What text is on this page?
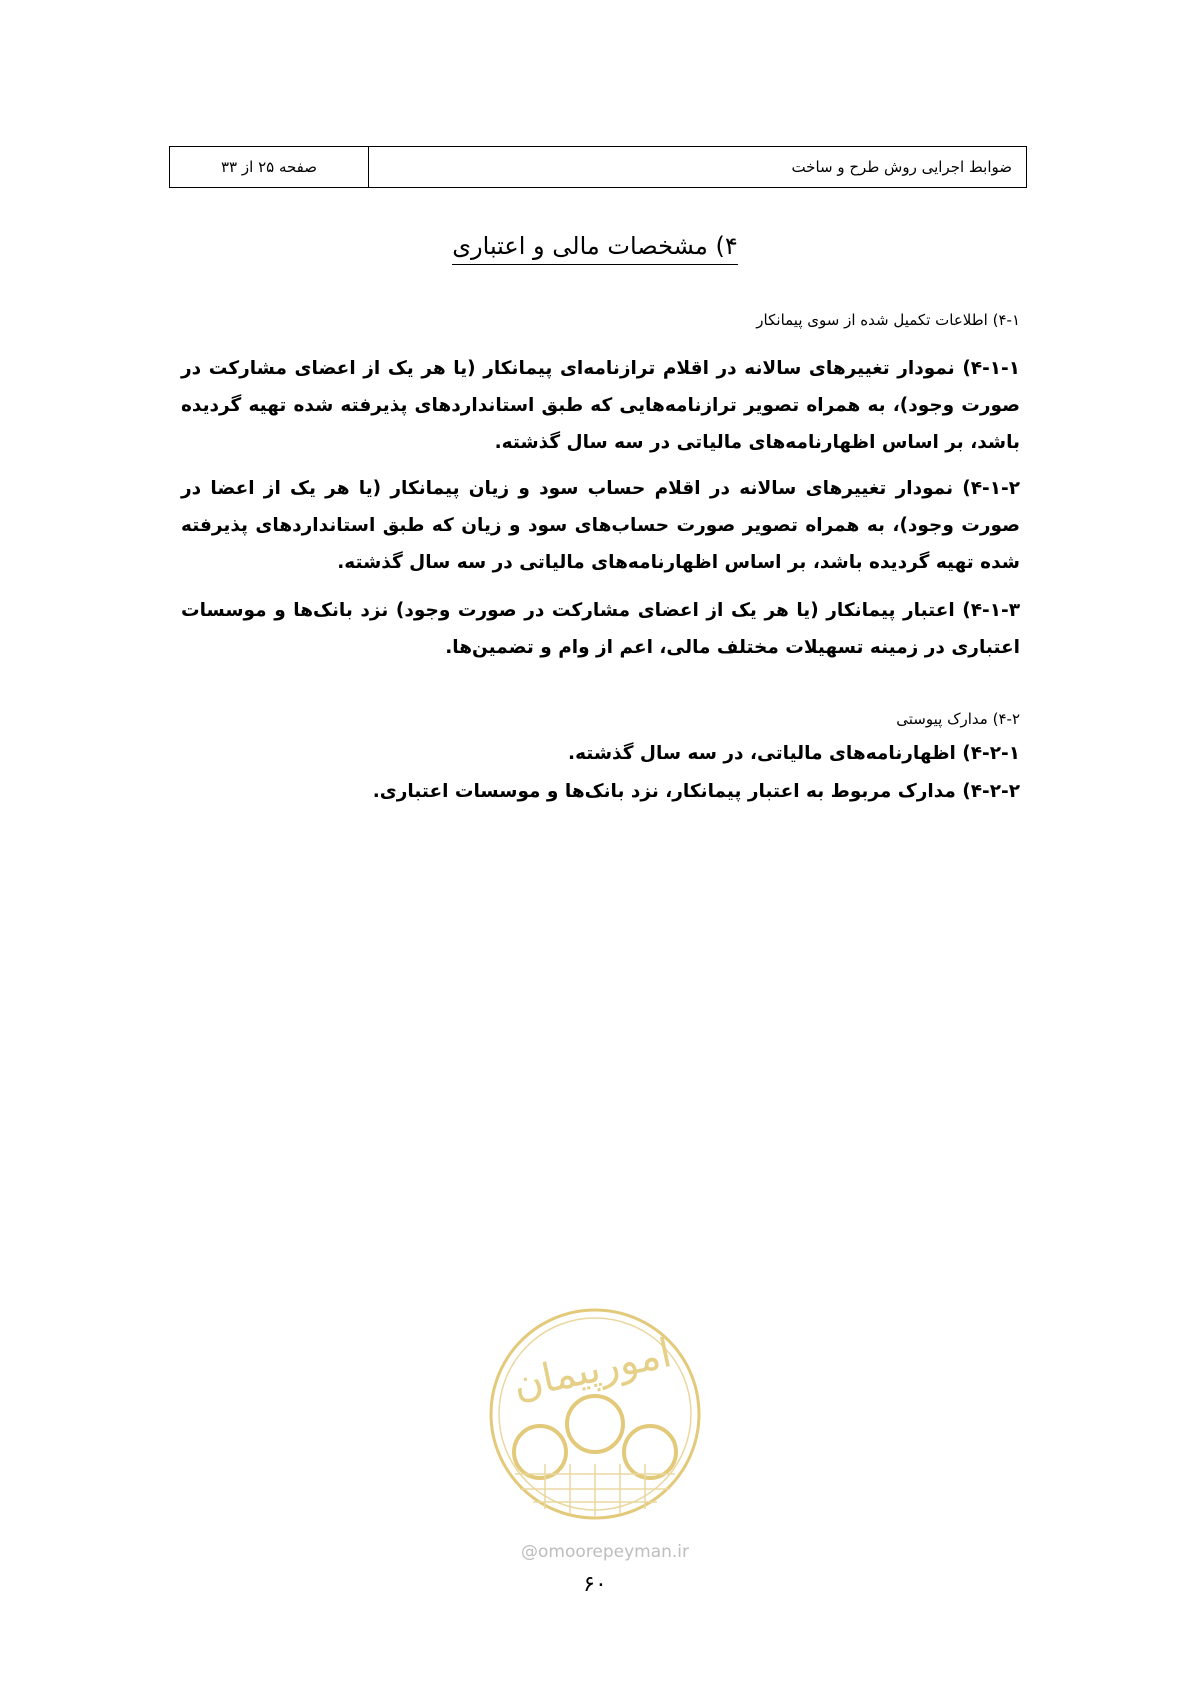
ضوابط اجرایی روش طرح و ساخت
صفحه ۲۵ از ۳۳
۴) مشخصات مالی و اعتباری
۴-۱) اطلاعات تکمیل شده از سوی پیمانکار
۴-۱-۱) نمودار تغییرهای سالانه در اقلام ترازنامه‌ای پیمانکار (یا هر یک از اعضای مشارکت در صورت وجود)، به همراه تصویر ترازنامه‌هایی که طبق استانداردهای پذیرفته شده تهیه گردیده باشد، بر اساس اظهارنامه‌های مالیاتی در سه سال گذشته.
۴-۱-۲) نمودار تغییرهای سالانه در اقلام حساب سود و زیان پیمانکار (یا هر یک از اعضا در صورت وجود)، به همراه تصویر صورت حساب‌های سود و زیان که طبق استانداردهای پذیرفته شده تهیه گردیده باشد، بر اساس اظهارنامه‌های مالیاتی در سه سال گذشته.
۴-۱-۳) اعتبار پیمانکار (یا هر یک از اعضای مشارکت در صورت وجود) نزد بانک‌ها و موسسات اعتباری در زمینه تسهیلات مختلف مالی، اعم از وام و تضمین‌ها.
۴-۲) مدارک پیوستی
۴-۲-۱) اظهارنامه‌های مالیاتی، در سه سال گذشته.
۴-۲-۲) مدارک مربوط به اعتبار پیمانکار، نزد بانک‌ها و موسسات اعتباری.
امورپیمان
@omoorepeyman.ir
۶۰
